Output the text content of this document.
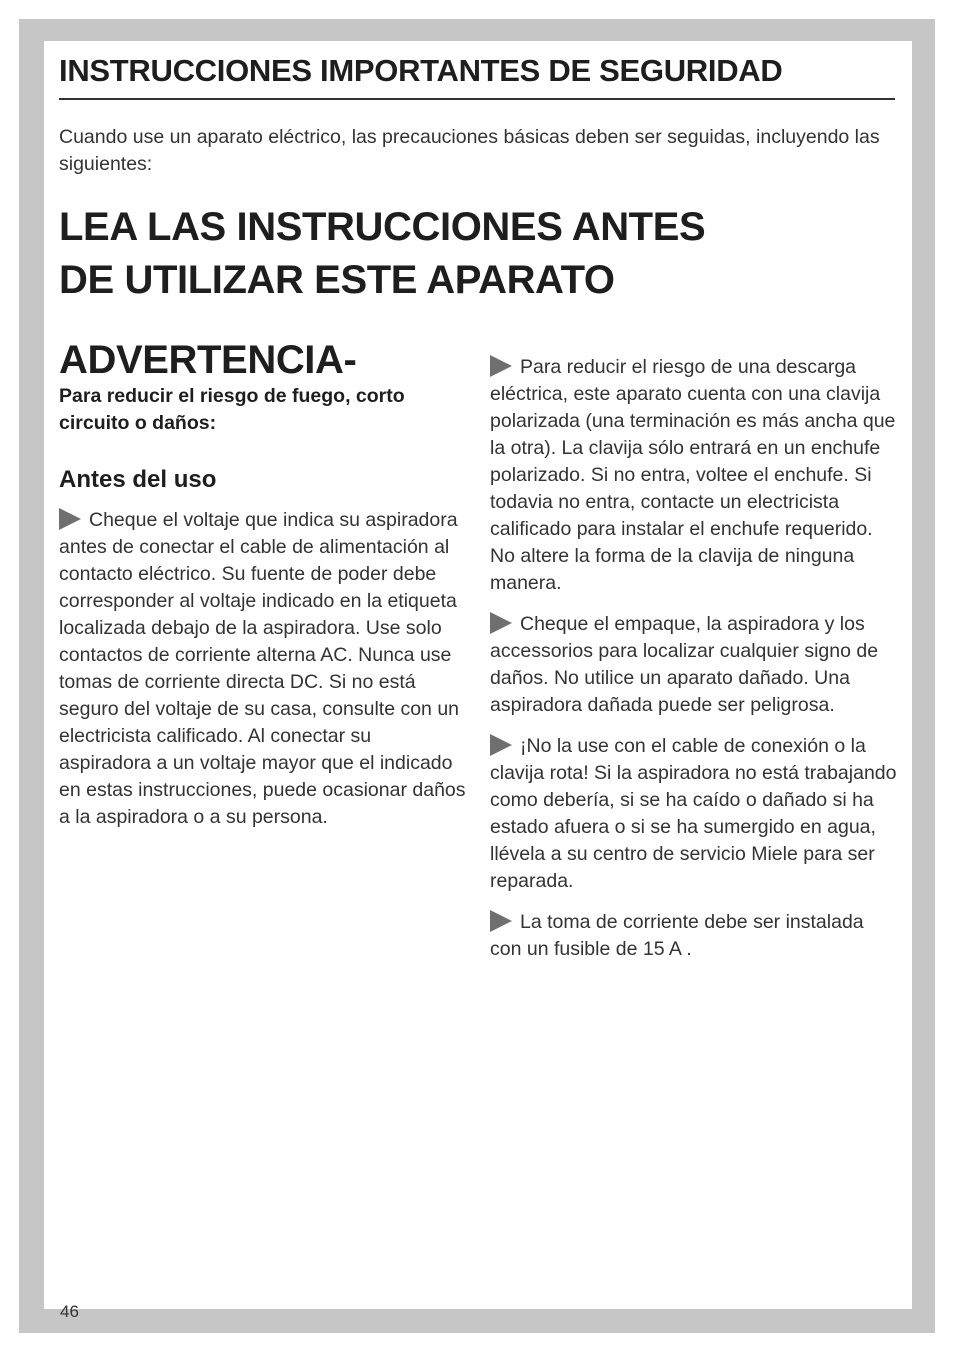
INSTRUCCIONES IMPORTANTES DE SEGURIDAD

Cuando use un aparato eléctrico, las precauciones básicas deben ser seguidas, incluyendo las siguientes:

LEA LAS INSTRUCCIONES ANTES
DE UTILIZAR ESTE APARATO
ADVERTENCIA-

Para reducir el riesgo de fuego, corto circuito o daños:

Antes del uso

Cheque el voltaje que indica su aspiradora antes de conectar el cable de alimentación al contacto eléctrico. Su fuente de poder debe corresponder al voltaje indicado en la etiqueta localizada debajo de la aspiradora. Use solo contactos de corriente alterna AC. Nunca use tomas de corriente directa DC. Si no está seguro del voltaje de su casa, consulte con un electricista calificado. Al conectar su aspiradora a un voltaje mayor que el indicado en estas instrucciones, puede ocasionar daños a la aspiradora o a su persona.

Para reducir el riesgo de una descarga eléctrica, este aparato cuenta con una clavija polarizada (una terminación es más ancha que la otra). La clavija sólo entrará en un enchufe polarizado. Si no entra, voltee el enchufe. Si todavia no entra, contacte un electricista calificado para instalar el enchufe requerido. No altere la forma de la clavija de ninguna manera.

Cheque el empaque, la aspiradora y los accessorios para localizar cualquier signo de daños. No utilice un aparato dañado. Una aspiradora dañada puede ser peligrosa.

¡No la use con el cable de conexión o la clavija rota! Si la aspiradora no está trabajando como debería, si se ha caído o dañado si ha estado afuera o si se ha sumergido en agua, llévela a su centro de servicio Miele para ser reparada.

La toma de corriente debe ser instalada con un fusible de 15 A .

46
